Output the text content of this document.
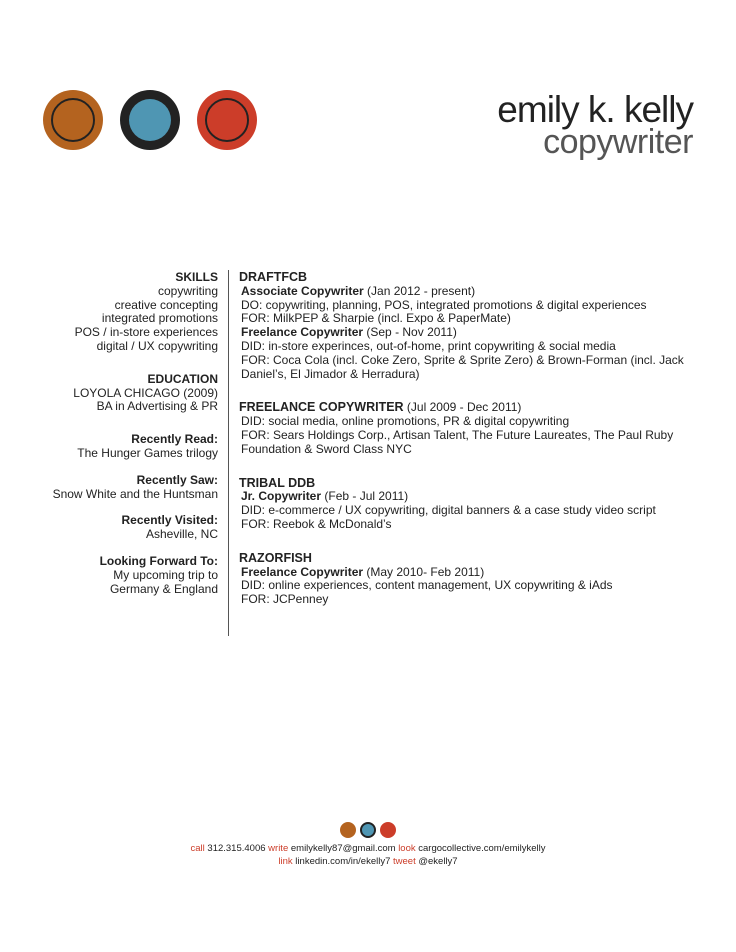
emily k. kelly
copywriter
SKILLS
copywriting
creative concepting
integrated promotions
POS / in-store experiences
digital / UX copywriting
EDUCATION
LOYOLA CHICAGO (2009)
BA in Advertising & PR
Recently Read:
The Hunger Games trilogy
Recently Saw:
Snow White and the Huntsman
Recently Visited:
Asheville, NC
Looking Forward To:
My upcoming trip to
Germany & England
DRAFTFCB
Associate Copywriter (Jan 2012 - present)
DO: copywriting, planning, POS, integrated promotions & digital experiences
FOR: MilkPEP & Sharpie (incl. Expo & PaperMate)
Freelance Copywriter (Sep - Nov 2011)
DID: in-store experinces, out-of-home, print copywriting & social media
FOR: Coca Cola (incl. Coke Zero, Sprite & Sprite Zero) & Brown-Forman (incl. Jack Daniel’s, El Jimador & Herradura)
FREELANCE COPYWRITER (Jul 2009 - Dec 2011)
DID: social media, online promotions, PR & digital copywriting
FOR: Sears Holdings Corp., Artisan Talent, The Future Laureates, The Paul Ruby Foundation & Sword Class NYC
TRIBAL DDB
Jr. Copywriter (Feb - Jul 2011)
DID: e-commerce / UX copywriting, digital banners & a case study video script
FOR: Reebok & McDonald’s
RAZORFISH
Freelance Copywriter (May 2010- Feb 2011)
DID: online experiences, content management, UX copywriting & iAds
FOR: JCPenney
call 312.315.4006 write emilykelly87@gmail.com look cargocollective.com/emilykelly
link linkedin.com/in/ekelly7 tweet @ekelly7
